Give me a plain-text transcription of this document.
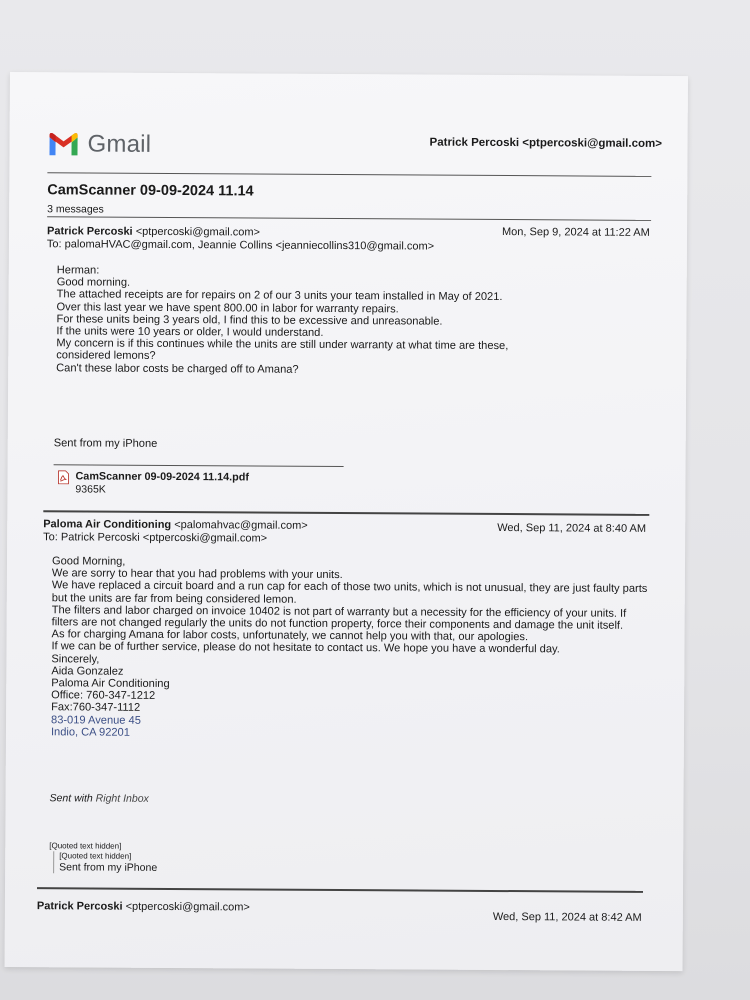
Gmail	Patrick Percoski <ptpercoski@gmail.com>
CamScanner 09-09-2024 11.14
3 messages
Patrick Percoski <ptpercoski@gmail.com>	Mon, Sep 9, 2024 at 11:22 AM
To: palomaHVAC@gmail.com, Jeannie Collins <jeanniecollins310@gmail.com>
Herman:
Good morning.
The attached receipts are for repairs on 2 of our 3 units your team installed in May of 2021.
Over this last year we have spent 800.00 in labor for warranty repairs.
For these units being 3 years old, I find this to be excessive and unreasonable.
If the units were 10 years or older, I would understand.
My concern is if this continues while the units are still under warranty at what time are these,
considered lemons?
Can't these labor costs be charged off to Amana?
Sent from my iPhone
CamScanner 09-09-2024 11.14.pdf
9365K
Paloma Air Conditioning <palomahvac@gmail.com>	Wed, Sep 11, 2024 at 8:40 AM
To: Patrick Percoski <ptpercoski@gmail.com>
Good Morning,
We are sorry to hear that you had problems with your units.
We have replaced a circuit board and a run cap for each of those two units, which is not unusual, they are just faulty parts
but the units are far from being considered lemon.
The filters and labor charged on invoice 10402 is not part of warranty but a necessity for the efficiency of your units. If
filters are not changed regularly the units do not function property, force their components and damage the unit itself.
As for charging Amana for labor costs, unfortunately, we cannot help you with that, our apologies.
If we can be of further service, please do not hesitate to contact us. We hope you have a wonderful day.
Sincerely,
Aida Gonzalez
Paloma Air Conditioning
Office: 760-347-1212
Fax:760-347-1112
83-019 Avenue 45
Indio, CA 92201
Sent with Right Inbox
[Quoted text hidden]
[Quoted text hidden]
Sent from my iPhone
Patrick Percoski <ptpercoski@gmail.com>
Wed, Sep 11, 2024 at 8:42 AM
